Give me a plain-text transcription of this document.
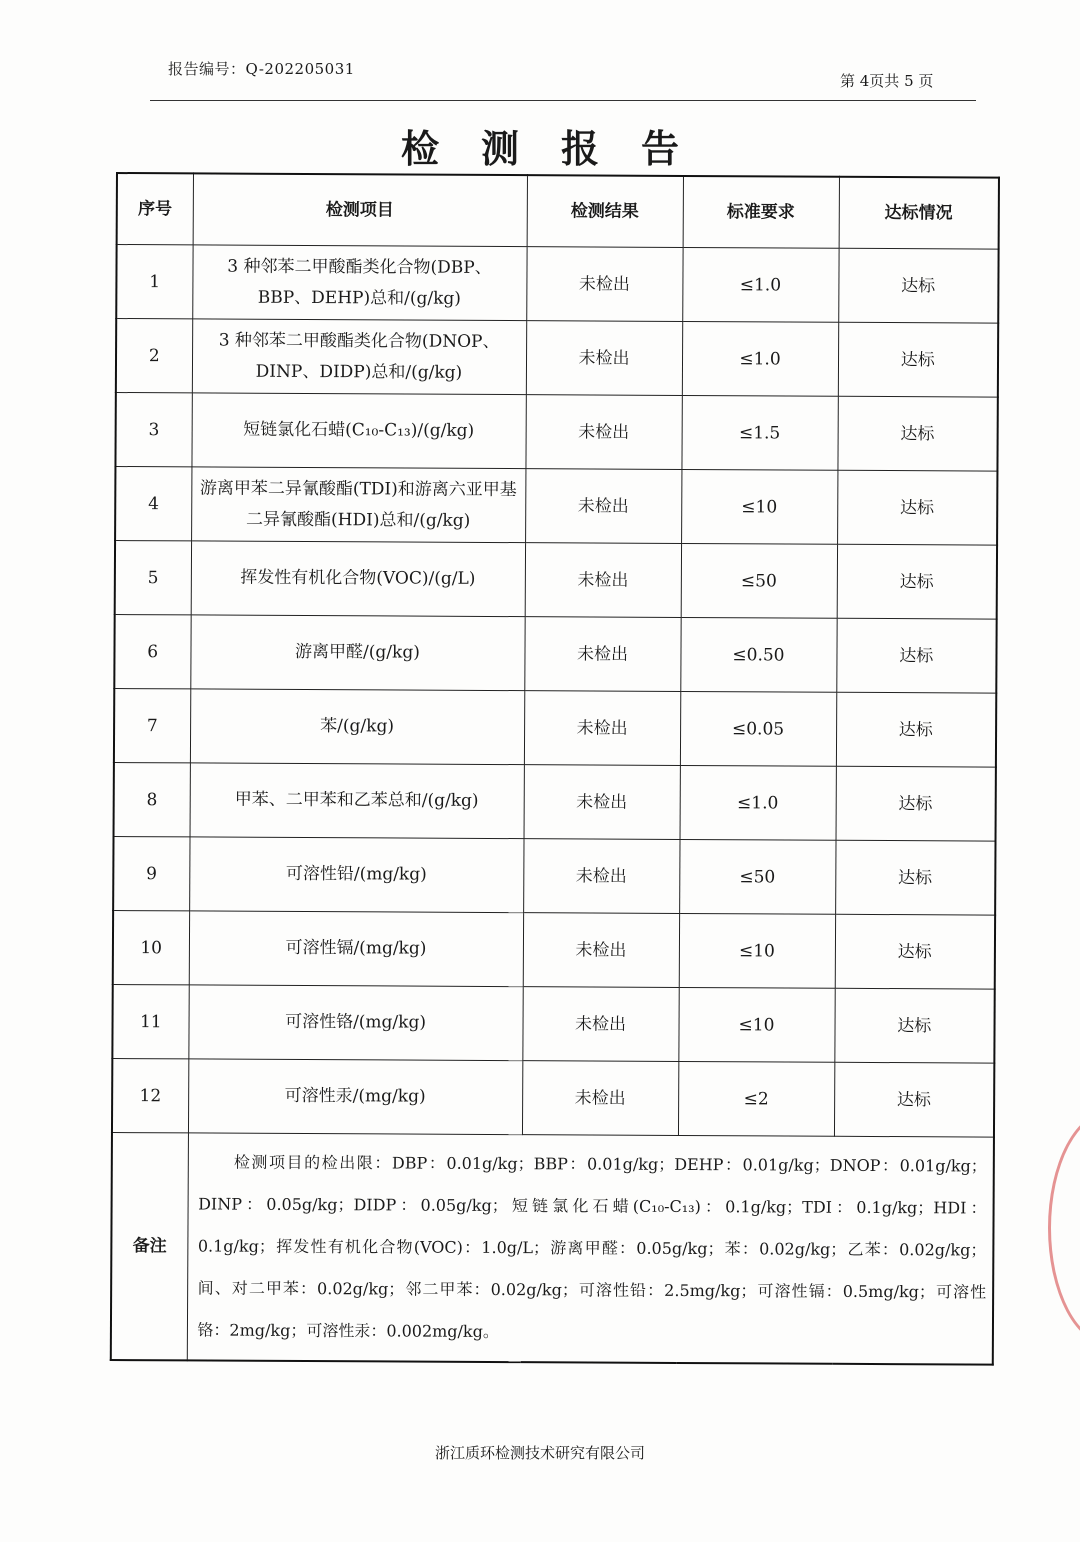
报告编号：Q-202205031
第 4页共 5 页
检测报告
序号	检测项目	检测结果	标准要求	达标情况
1	3 种邻苯二甲酸酯类化合物(DBP、BBP、DEHP)总和/(g/kg)	未检出	≤1.0	达标
2	3 种邻苯二甲酸酯类化合物(DNOP、DINP、DIDP)总和/(g/kg)	未检出	≤1.0	达标
3	短链氯化石蜡(C₁₀-C₁₃)/(g/kg)	未检出	≤1.5	达标
4	游离甲苯二异氰酸酯(TDI)和游离六亚甲基二异氰酸酯(HDI)总和/(g/kg)	未检出	≤10	达标
5	挥发性有机化合物(VOC)/(g/L)	未检出	≤50	达标
6	游离甲醛/(g/kg)	未检出	≤0.50	达标
7	苯/(g/kg)	未检出	≤0.05	达标
8	甲苯、二甲苯和乙苯总和/(g/kg)	未检出	≤1.0	达标
9	可溶性铅/(mg/kg)	未检出	≤50	达标
10	可溶性镉/(mg/kg)	未检出	≤10	达标
11	可溶性铬/(mg/kg)	未检出	≤10	达标
12	可溶性汞/(mg/kg)	未检出	≤2	达标
备注	检测项目的检出限：DBP：0.01g/kg；BBP：0.01g/kg；DEHP：0.01g/kg；DNOP：0.01g/kg；DINP：0.05g/kg；DIDP：0.05g/kg；短链氯化石蜡(C₁₀-C₁₃)：0.1g/kg；TDI：0.1g/kg；HDI：0.1g/kg；挥发性有机化合物(VOC)：1.0g/L；游离甲醛：0.05g/kg；苯：0.02g/kg；乙苯：0.02g/kg；间、对二甲苯：0.02g/kg；邻二甲苯：0.02g/kg；可溶性铅：2.5mg/kg；可溶性镉：0.5mg/kg；可溶性铬：2mg/kg；可溶性汞：0.002mg/kg。			
浙江质环检测技术研究有限公司
